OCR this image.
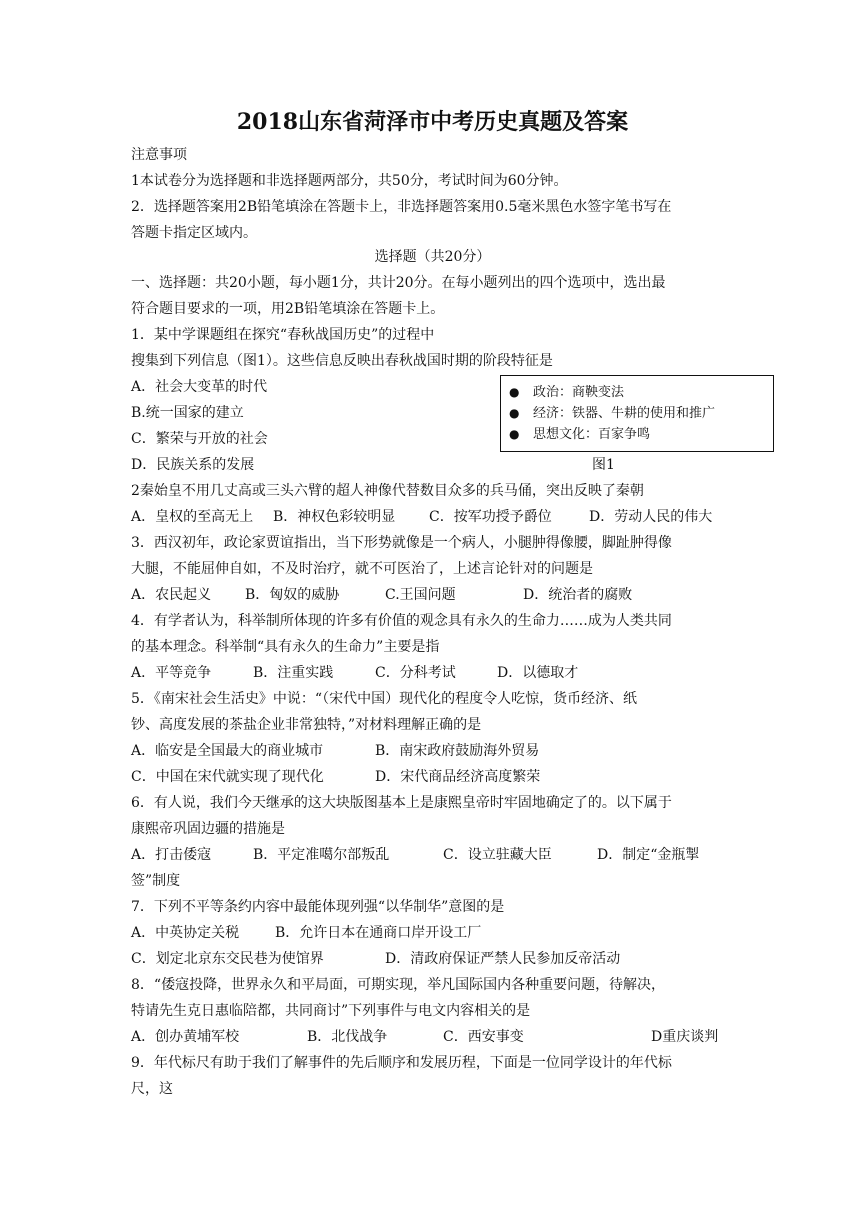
2018山东省菏泽市中考历史真题及答案
注意事项
1本试卷分为选择题和非选择题两部分，共50分，考试时间为60分钟。
2．选择题答案用2B铅笔填涂在答题卡上，非选择题答案用0.5毫米黑色水签字笔书写在
答题卡指定区域内。
选择题（共20分）
一、选择题：共20小题，每小题1分，共计20分。在每小题列出的四个选项中，选出最
符合题目要求的一项，用2B铅笔填涂在答题卡上。
1．某中学课题组在探究“春秋战国历史”的过程中
搜集到下列信息（图1）。这些信息反映出春秋战国时期的阶段特征是
A．社会大变革的时代
B.统一国家的建立
C．繁荣与开放的社会
D．民族关系的发展
● 政治：商鞅变法
● 经济：铁器、牛耕的使用和推广
● 思想文化：百家争鸣
图1
2秦始皇不用几丈高或三头六臂的超人神像代替数目众多的兵马俑，突出反映了秦朝
A．皇权的至高无上 B．神权色彩较明显 C．按军功授予爵位	D．劳动人民的伟大
3．西汉初年，政论家贾谊指出，当下形势就像是一个病人，小腿肿得像腰，脚趾肿得像
大腿，不能屈伸自如，不及时治疗，就不可医治了，上述言论针对的问题是
A．农民起义 B．匈奴的威胁	C.王国问题	D．统治者的腐败
4．有学者认为，科举制所体现的许多有价值的观念具有永久的生命力……成为人类共同
的基本理念。科举制“具有永久的生命力”主要是指
A．平等竞争	B．注重实践	C．分科考试	D．以德取才
5．《南宋社会生活史》中说：“（宋代中国）现代化的程度令人吃惊，货币经济、纸
钞、高度发展的茶盐企业非常独特，”对材料理解正确的是
A．临安是全国最大的商业城市	B．南宋政府鼓励海外贸易
C．中国在宋代就实现了现代化	D．宋代商品经济高度繁荣
6．有人说，我们今天继承的这大块版图基本上是康熙皇帝时牢固地确定了的。以下属于
康熙帝巩固边疆的措施是
A．打击倭寇	B．平定准噶尔部叛乱	C．设立驻藏大臣	D．制定“金瓶掣
签”制度
7．下列不平等条约内容中最能体现列强“以华制华”意图的是
A．中英协定关税	B．允许日本在通商口岸开设工厂
C．划定北京东交民巷为使馆界	D．清政府保证严禁人民参加反帝活动
8．“倭寇投降，世界永久和平局面，可期实现，举凡国际国内各种重要问题，待解决，
特请先生克日惠临陪都，共同商讨”下列事件与电文内容相关的是
A．创办黄埔军校	B．北伐战争	C．西安事变	D重庆谈判
9．年代标尺有助于我们了解事件的先后顺序和发展历程，下面是一位同学设计的年代标
尺，这
